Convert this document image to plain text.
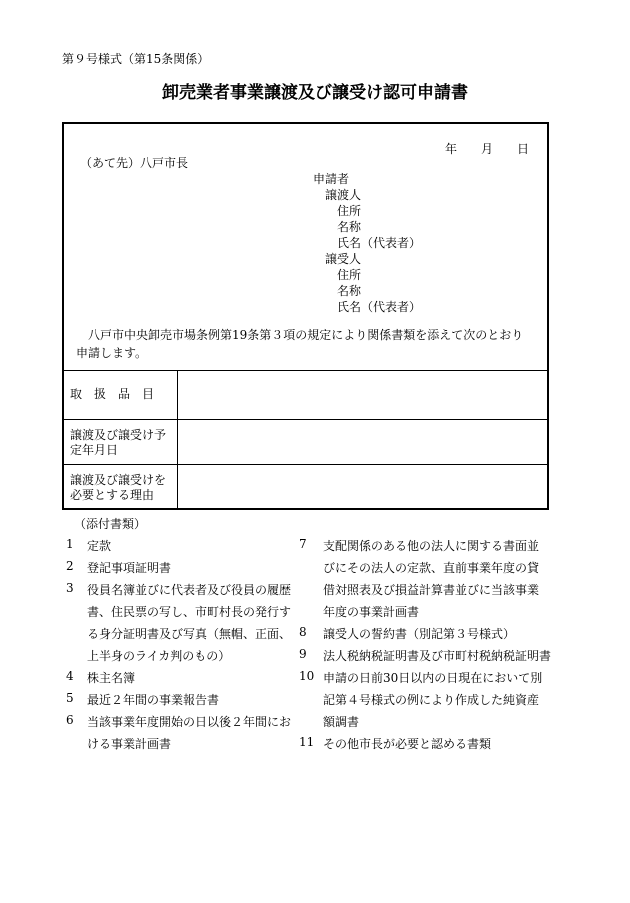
第９号様式（第15条関係）
卸売業者事業譲渡及び譲受け認可申請書
年　　月　　日
（あて先）八戸市長
申請者
譲渡人
住所
名称
氏名（代表者）
譲受人
住所
名称
氏名（代表者）
八戸市中央卸売市場条例第19条第３項の規定により関係書類を添えて次のとおり
申請します。
取　扱　品　目
譲渡及び譲受け予
定年月日
譲渡及び譲受けを
必要とする理由
（添付書類）
1 定款
2 登記事項証明書
3 役員名簿並びに代表者及び役員の履歴
書、住民票の写し、市町村長の発行す
る身分証明書及び写真（無帽、正面、
上半身のライカ判のもの）
4 株主名簿
5 最近２年間の事業報告書
6 当該事業年度開始の日以後２年間にお
ける事業計画書
7 支配関係のある他の法人に関する書面並
びにその法人の定款、直前事業年度の貸
借対照表及び損益計算書並びに当該事業
年度の事業計画書
8 譲受人の誓約書（別記第３号様式）
9 法人税納税証明書及び市町村税納税証明書
10 申請の日前30日以内の日現在において別
記第４号様式の例により作成した純資産
額調書
11 その他市長が必要と認める書類
